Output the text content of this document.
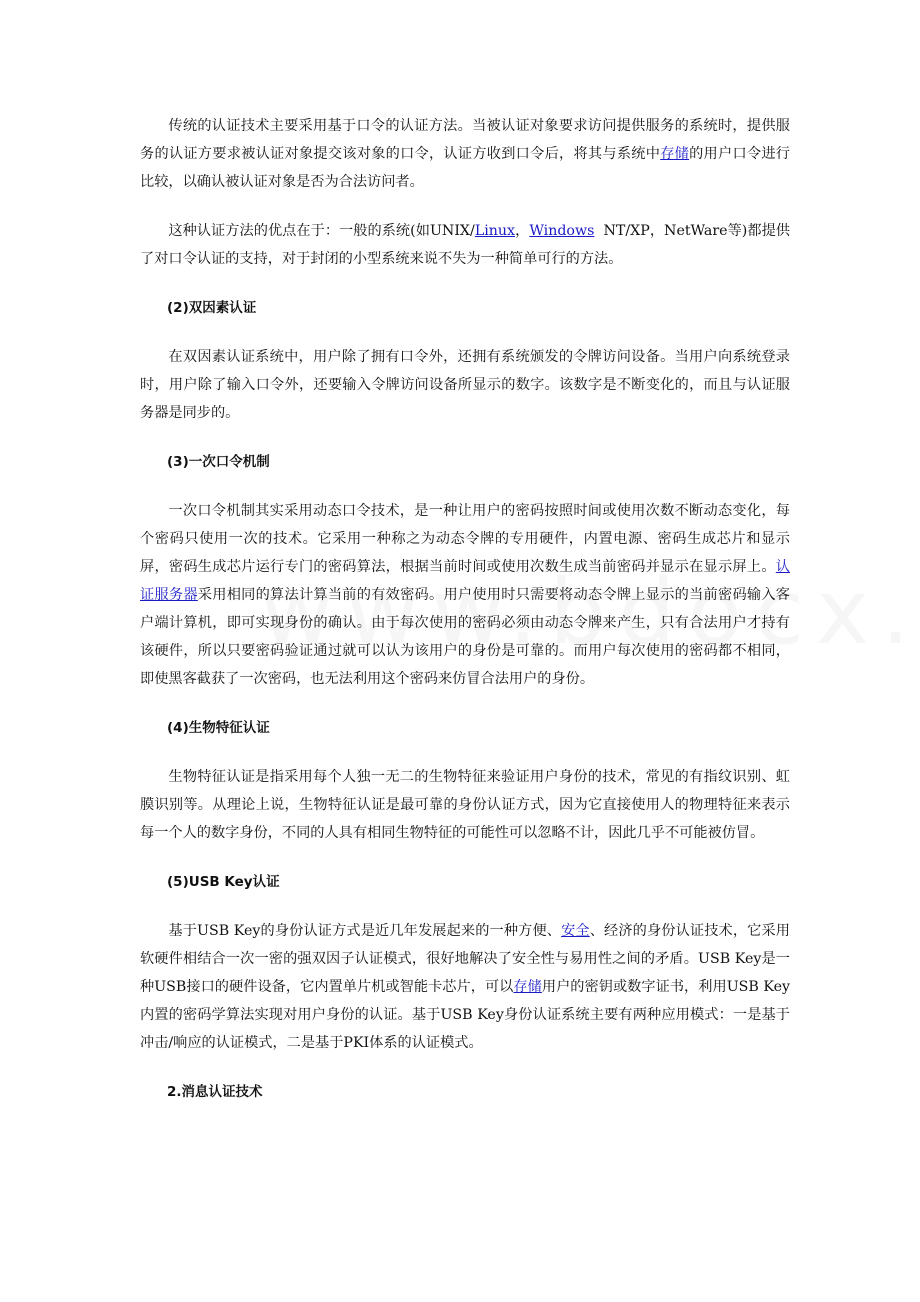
传统的认证技术主要采用基于口令的认证方法。当被认证对象要求访问提供服务的系统时，提供服务的认证方要求被认证对象提交该对象的口令，认证方收到口令后，将其与系统中存储的用户口令进行比较，以确认被认证对象是否为合法访问者。

这种认证方法的优点在于：一般的系统(如UNIX/Linux，Windows  NT/XP，NetWare等)都提供了对口令认证的支持，对于封闭的小型系统来说不失为一种简单可行的方法。

(2)双因素认证

在双因素认证系统中，用户除了拥有口令外，还拥有系统颁发的令牌访问设备。当用户向系统登录时，用户除了输入口令外，还要输入令牌访问设备所显示的数字。该数字是不断变化的，而且与认证服务器是同步的。

(3)一次口令机制

一次口令机制其实采用动态口令技术，是一种让用户的密码按照时间或使用次数不断动态变化，每个密码只使用一次的技术。它采用一种称之为动态令牌的专用硬件，内置电源、密码生成芯片和显示屏，密码生成芯片运行专门的密码算法，根据当前时间或使用次数生成当前密码并显示在显示屏上。认证服务器采用相同的算法计算当前的有效密码。用户使用时只需要将动态令牌上显示的当前密码输入客户端计算机，即可实现身份的确认。由于每次使用的密码必须由动态令牌来产生，只有合法用户才持有该硬件，所以只要密码验证通过就可以认为该用户的身份是可靠的。而用户每次使用的密码都不相同，即使黑客截获了一次密码，也无法利用这个密码来仿冒合法用户的身份。

(4)生物特征认证

生物特征认证是指采用每个人独一无二的生物特征来验证用户身份的技术，常见的有指纹识别、虹膜识别等。从理论上说，生物特征认证是最可靠的身份认证方式，因为它直接使用人的物理特征来表示每一个人的数字身份，不同的人具有相同生物特征的可能性可以忽略不计，因此几乎不可能被仿冒。

(5)USB Key认证

基于USB Key的身份认证方式是近几年发展起来的一种方便、安全、经济的身份认证技术，它采用软硬件相结合一次一密的强双因子认证模式，很好地解决了安全性与易用性之间的矛盾。USB Key是一种USB接口的硬件设备，它内置单片机或智能卡芯片，可以存储用户的密钥或数字证书，利用USB Key内置的密码学算法实现对用户身份的认证。基于USB Key身份认证系统主要有两种应用模式：一是基于冲击/响应的认证模式，二是基于PKI体系的认证模式。

2.消息认证技术
